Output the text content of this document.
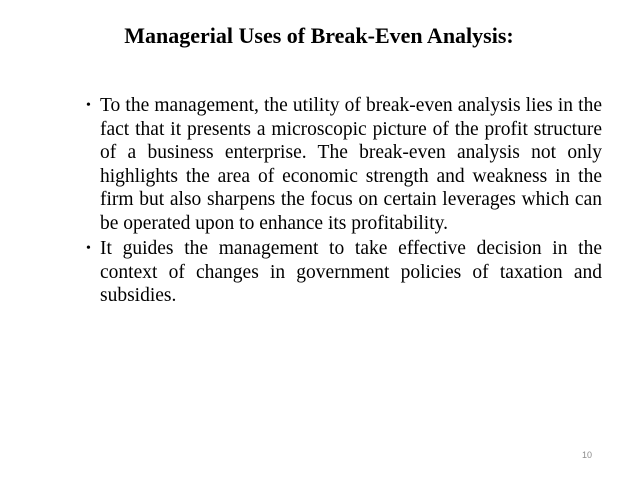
Managerial Uses of Break-Even Analysis:
• To the management, the utility of break-even analysis lies in the fact that it presents a microscopic picture of the profit structure of a business enterprise. The break-even analysis not only highlights the area of economic strength and weakness in the firm but also sharpens the focus on certain leverages which can be operated upon to enhance its profitability.
• It guides the management to take effective decision in the context of changes in government policies of taxation and subsidies.
10
